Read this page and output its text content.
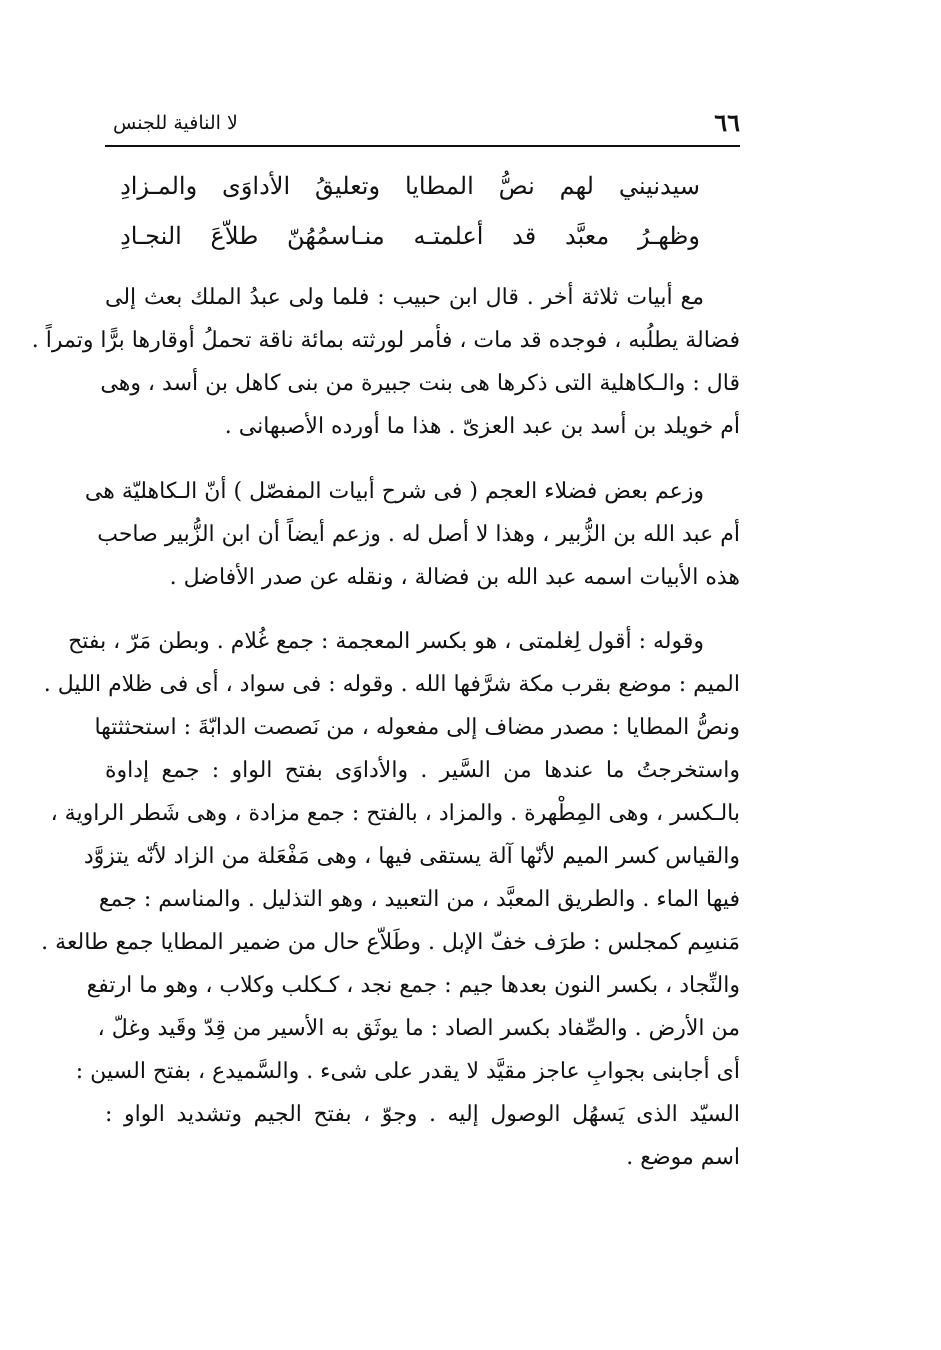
٦٦
لا النافية للجنس
سيدنيني
لهم
نصُّ
المطايا
وتعليقُ
الأداوَى
والمـزادِ
وظهـرُ
معبَّد
قد
أعلمتـه
منـاسمُهُنّ
طلاّعَ
النجـادِ
مع أبيات ثلاثة أخر . قال ابن حبيب : فلما ولى عبدُ الملك بعث إلى
فضالة يطلُبه ، فوجده قد مات ، فأمر لورثته بمائة ناقة تحملُ أوقارها برًّا وتمراً .
قال : والـكاهلية التى ذكرها هى بنت جبيرة من بنى كاهل بن أسد ، وهى
أم خويلد بن أسد بن عبد العزىّ . هذا ما أورده الأصبهانى .
وزعم بعض فضلاء العجم ( فى شرح أبيات المفصّل ) أنّ الـكاهليّة هى
أم عبد الله بن الزُّبير ، وهذا لا أصل له . وزعم أيضاً أن ابن الزُّبير صاحب
هذه الأبيات اسمه عبد الله بن فضالة ، ونقله عن صدر الأفاضل .
وقوله : أقول لِغلمتى ، هو بكسر المعجمة : جمع غُلام . وبطن مَرّ ، بفتح
الميم : موضع بقرب مكة شرَّفها الله . وقوله : فى سواد ، أى فى ظلام الليل .
ونصُّ المطايا : مصدر مضاف إلى مفعوله ، من نَصصت الدابّةَ : استحثثتها
واستخرجتُ ما عندها من السَّير . والأداوَى بفتح الواو : جمع إداوة
بالـكسر ، وهى المِطْهرة . والمزاد ، بالفتح : جمع مزادة ، وهى شَطر الراوية ،
والقياس كسر الميم لأنّها آلة يستقى فيها ، وهى مَفْعَلة من الزاد لأنّه يتزوَّد
فيها الماء . والطريق المعبَّد ، من التعبيد ، وهو التذليل . والمناسم : جمع
مَنسِم كمجلس : طرَف خفّ الإبل . وطَلاّع حال من ضمير المطايا جمع طالعة .
والنِّجاد ، بكسر النون بعدها جيم : جمع نجد ، كـكلب وكلاب ، وهو ما ارتفع
من الأرض . والصِّفاد بكسر الصاد : ما يوثَق به الأسير من قِدّ وقَيد وغلّ ،
أى أجابنى بجوابِ عاجز مقيَّد لا يقدر على شىء . والسَّميدع ، بفتح السين :
السيّد الذى يَسهُل الوصول إليه . وجوّ ، بفتح الجيم وتشديد الواو :
اسم موضع .
